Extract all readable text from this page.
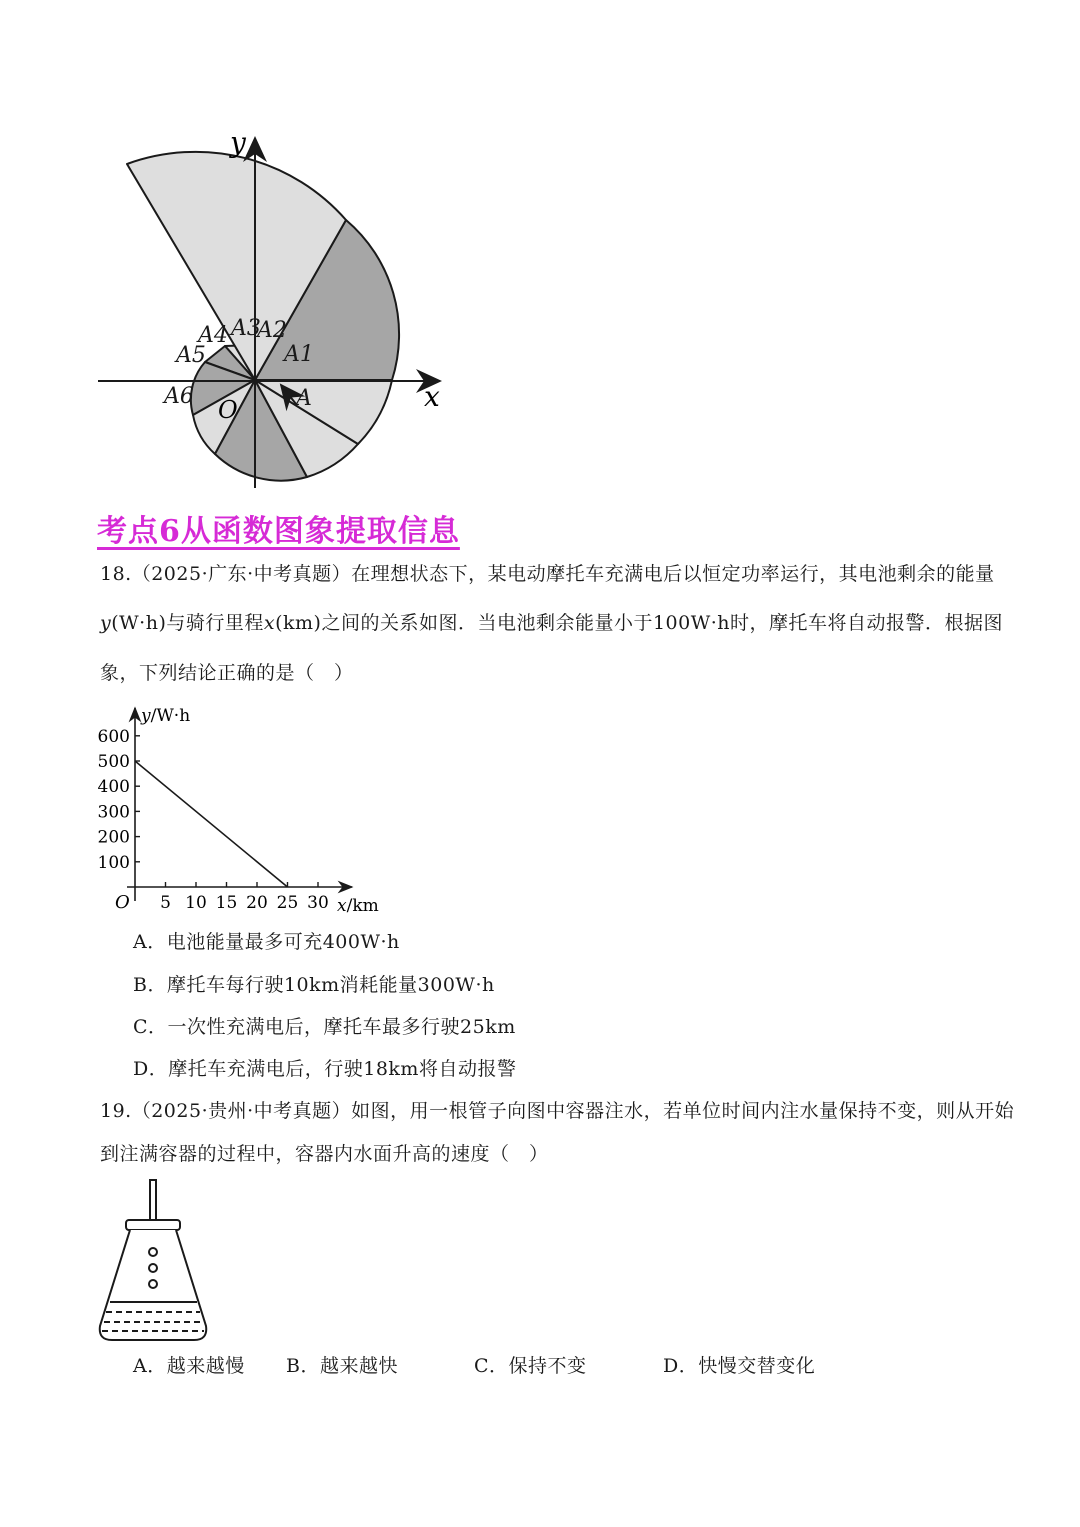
y
x
O	A
A1
A2
A3
A4
A5
A6
考点6从函数图象提取信息
18.（2025·广东·中考真题）在理想状态下，某电动摩托车充满电后以恒定功率运行，其电池剩余的能量
y(W·h)与骑行里程x(km)之间的关系如图．当电池剩余能量小于100W·h时，摩托车将自动报警．根据图
象，下列结论正确的是（　）
100
200
300
400
500
600
5 10 15 20 25 30
O
y/W·h
x/km
A．电池能量最多可充400W·h
B．摩托车每行驶10km消耗能量300W·h
C．一次性充满电后，摩托车最多行驶25km
D．摩托车充满电后，行驶18km将自动报警
19.（2025·贵州·中考真题）如图，用一根管子向图中容器注水，若单位时间内注水量保持不变，则从开始
到注满容器的过程中，容器内水面升高的速度（　）
A．越来越慢 B．越来越快	C．保持不变	D．快慢交替变化
